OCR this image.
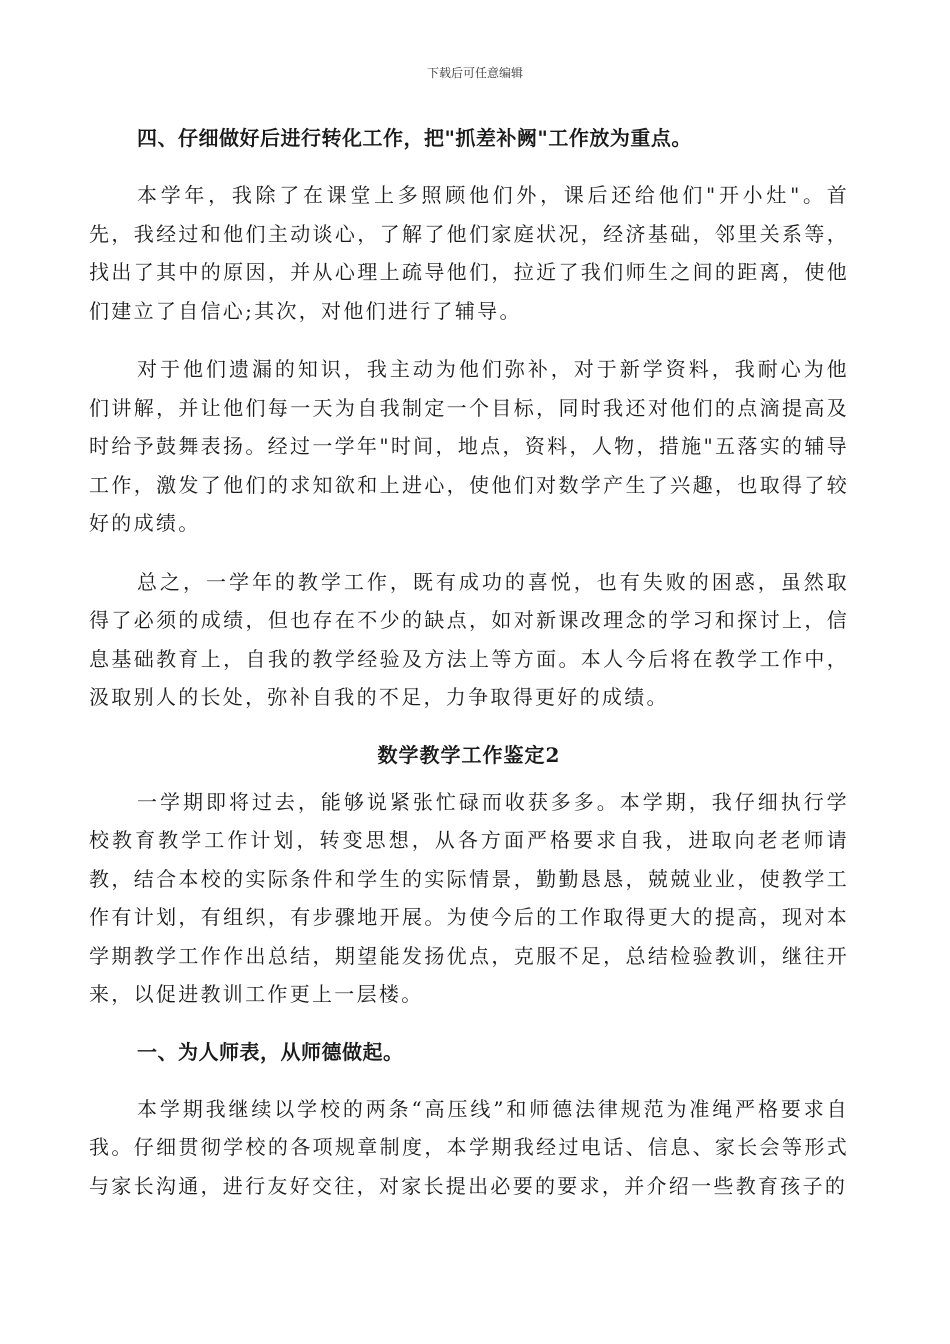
下载后可任意编辑

四、仔细做好后进行转化工作，把"抓差补阙"工作放为重点。

本学年，我除了在课堂上多照顾他们外，课后还给他们"开小灶"。首先，我经过和他们主动谈心，了解了他们家庭状况，经济基础，邻里关系等，找出了其中的原因，并从心理上疏导他们，拉近了我们师生之间的距离，使他们建立了自信心;其次，对他们进行了辅导。

对于他们遗漏的知识，我主动为他们弥补，对于新学资料，我耐心为他们讲解，并让他们每一天为自我制定一个目标，同时我还对他们的点滴提高及时给予鼓舞表扬。经过一学年"时间，地点，资料，人物，措施"五落实的辅导工作，激发了他们的求知欲和上进心，使他们对数学产生了兴趣，也取得了较好的成绩。

总之，一学年的教学工作，既有成功的喜悦，也有失败的困惑，虽然取得了必须的成绩，但也存在不少的缺点，如对新课改理念的学习和探讨上，信息基础教育上，自我的教学经验及方法上等方面。本人今后将在教学工作中，汲取别人的长处，弥补自我的不足，力争取得更好的成绩。

数学教学工作鉴定2

一学期即将过去，能够说紧张忙碌而收获多多。本学期，我仔细执行学校教育教学工作计划，转变思想，从各方面严格要求自我，进取向老老师请教，结合本校的实际条件和学生的实际情景，勤勤恳恳，兢兢业业，使教学工作有计划，有组织，有步骤地开展。为使今后的工作取得更大的提高，现对本学期教学工作作出总结，期望能发扬优点，克服不足，总结检验教训，继往开来，以促进教训工作更上一层楼。

一、为人师表，从师德做起。

本学期我继续以学校的两条“高压线”和师德法律规范为准绳严格要求自我。仔细贯彻学校的各项规章制度，本学期我经过电话、信息、家长会等形式与家长沟通，进行友好交往，对家长提出必要的要求，并介绍一些教育孩子的
